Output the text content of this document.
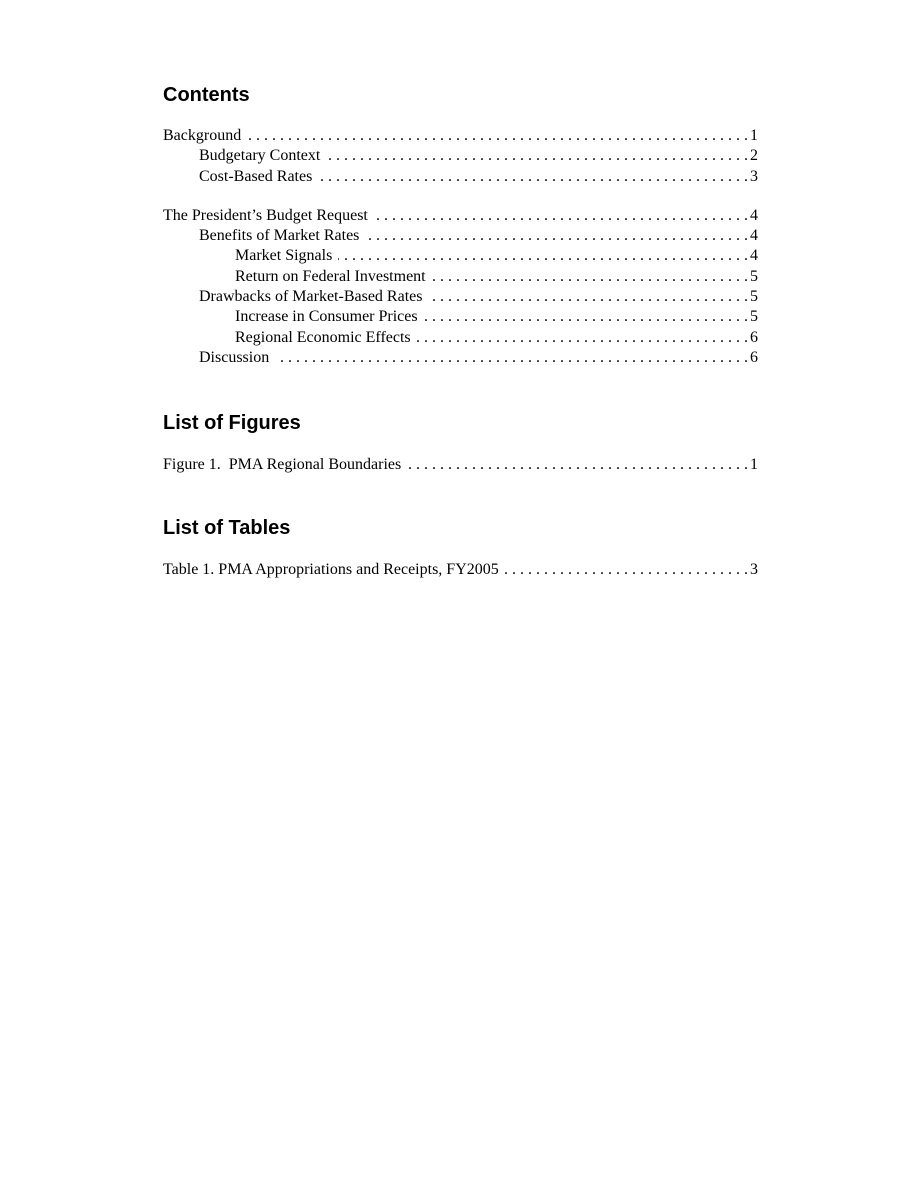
Contents
Background . . .	1
Budgetary Context . . .	2
Cost-Based Rates . . .	3
The President’s Budget Request . . .	4
Benefits of Market Rates . . .	4
Market Signals . . .	4
Return on Federal Investment . . .	5
Drawbacks of Market-Based Rates . . .	5
Increase in Consumer Prices . . .	5
Regional Economic Effects . . .	6
Discussion . . .	6
List of Figures
Figure 1.  PMA Regional Boundaries . . .	1
List of Tables
Table 1. PMA Appropriations and Receipts, FY2005 . . .	3
